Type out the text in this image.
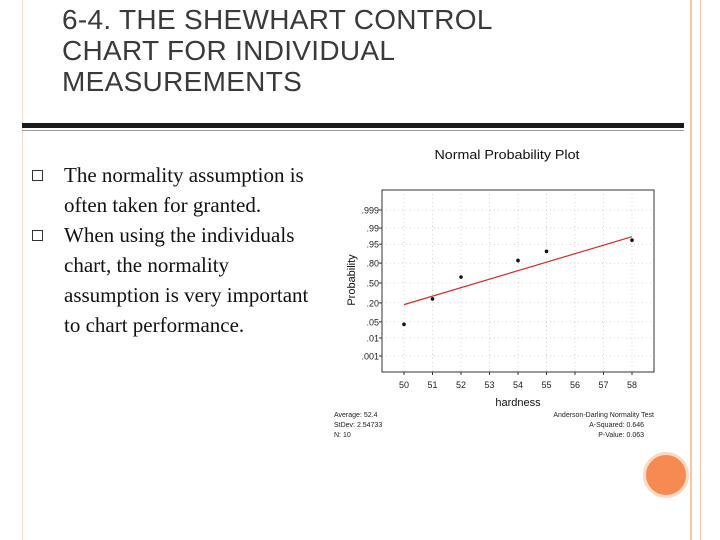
6-4. THE SHEWHART CONTROL
CHART FOR INDIVIDUAL
MEASUREMENTS
The normality assumption is often taken for granted.
When using the individuals chart, the normality assumption is very important to chart performance.
Normal Probability Plot
Probability
hardness
.999
.99
.95
.80
.50
.20
.05
.01
.001
50 51 52 53 54 55 56 57 58
Average: 52.4
StDev: 2.54733
N: 10
Anderson-Darling Normality Test
A-Squared: 0.646
P-Value: 0.063
